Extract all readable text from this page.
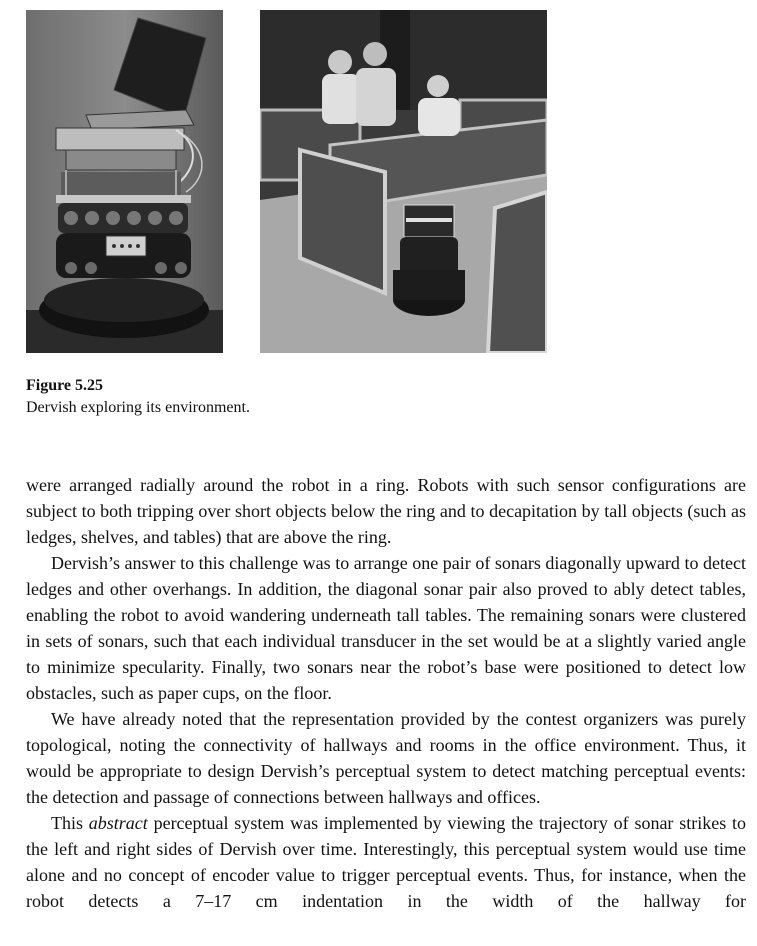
Figure 5.25
Dervish exploring its environment.

were arranged radially around the robot in a ring. Robots with such sensor configurations are subject to both tripping over short objects below the ring and to decapitation by tall objects (such as ledges, shelves, and tables) that are above the ring.

Dervish’s answer to this challenge was to arrange one pair of sonars diagonally upward to detect ledges and other overhangs. In addition, the diagonal sonar pair also proved to ably detect tables, enabling the robot to avoid wandering underneath tall tables. The remaining sonars were clustered in sets of sonars, such that each individual transducer in the set would be at a slightly varied angle to minimize specularity. Finally, two sonars near the robot’s base were positioned to detect low obstacles, such as paper cups, on the floor.

We have already noted that the representation provided by the contest organizers was purely topological, noting the connectivity of hallways and rooms in the office environment. Thus, it would be appropriate to design Dervish’s perceptual system to detect matching perceptual events: the detection and passage of connections between hallways and offices.

This abstract perceptual system was implemented by viewing the trajectory of sonar strikes to the left and right sides of Dervish over time. Interestingly, this perceptual system would use time alone and no concept of encoder value to trigger perceptual events. Thus, for instance, when the robot detects a 7–17 cm indentation in the width of the hallway for
